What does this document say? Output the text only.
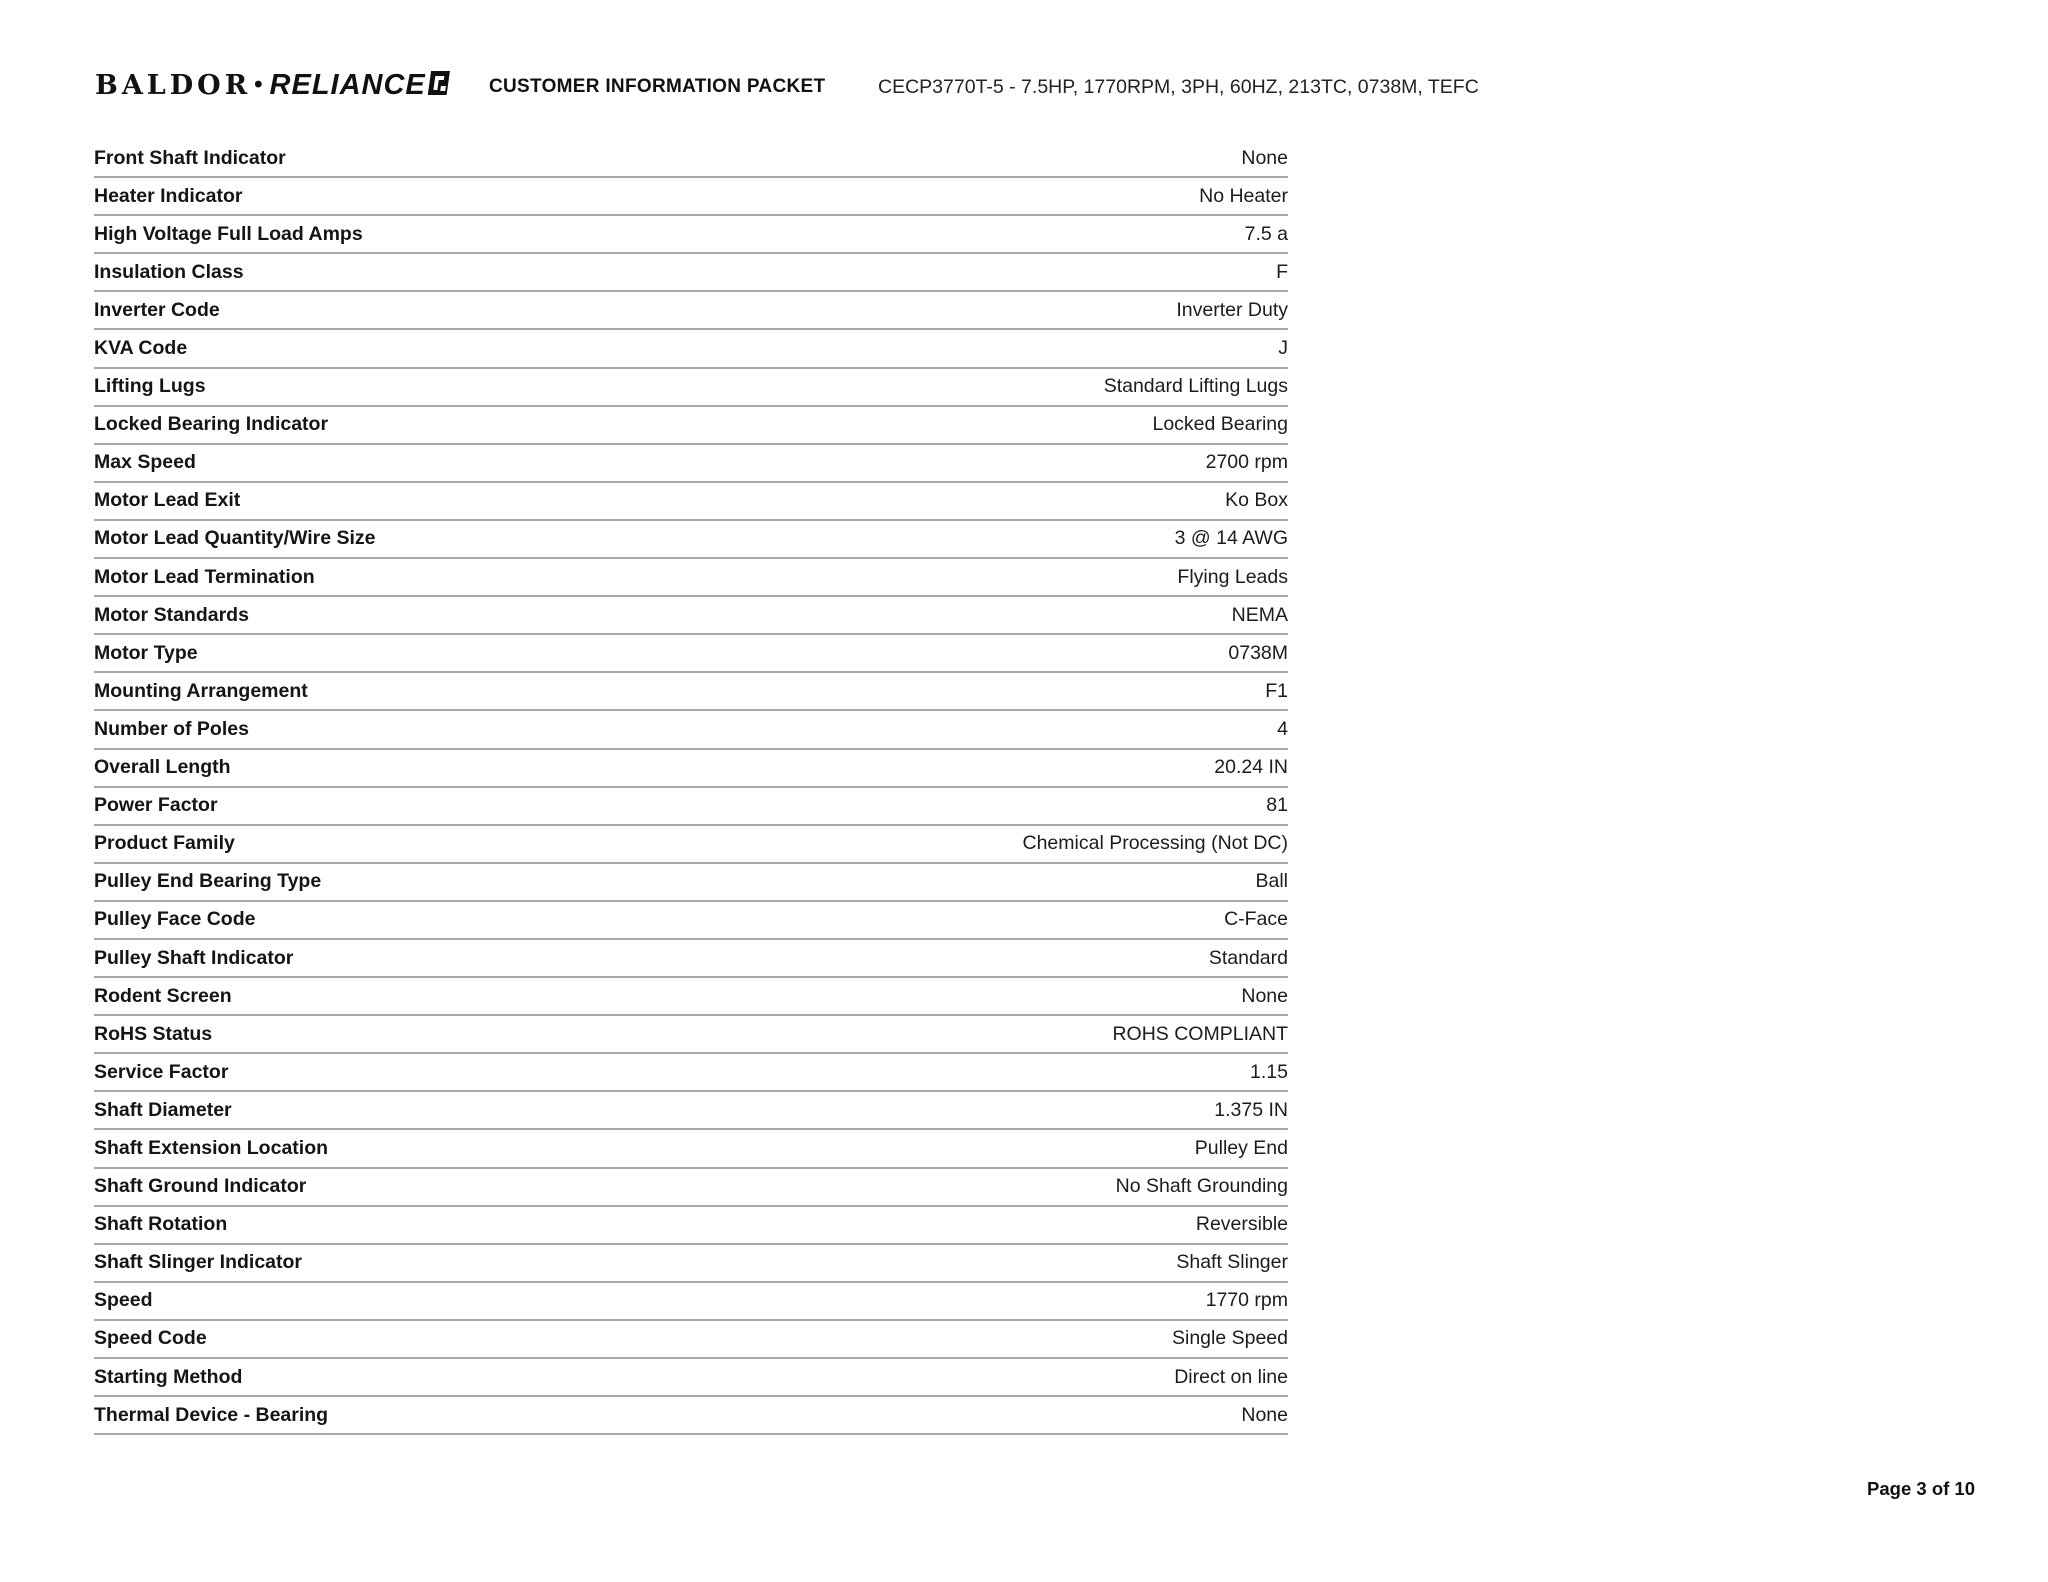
BALDOR • RELIANCE	CUSTOMER INFORMATION PACKET	CECP3770T-5 - 7.5HP, 1770RPM, 3PH, 60HZ, 213TC, 0738M, TEFC
Front Shaft Indicator	None
Heater Indicator	No Heater
High Voltage Full Load Amps	7.5 a
Insulation Class	F
Inverter Code	Inverter Duty
KVA Code	J
Lifting Lugs	Standard Lifting Lugs
Locked Bearing Indicator	Locked Bearing
Max Speed	2700 rpm
Motor Lead Exit	Ko Box
Motor Lead Quantity/Wire Size	3 @ 14 AWG
Motor Lead Termination	Flying Leads
Motor Standards	NEMA
Motor Type	0738M
Mounting Arrangement	F1
Number of Poles	4
Overall Length	20.24 IN
Power Factor	81
Product Family	Chemical Processing (Not DC)
Pulley End Bearing Type	Ball
Pulley Face Code	C-Face
Pulley Shaft Indicator	Standard
Rodent Screen	None
RoHS Status	ROHS COMPLIANT
Service Factor	1.15
Shaft Diameter	1.375 IN
Shaft Extension Location	Pulley End
Shaft Ground Indicator	No Shaft Grounding
Shaft Rotation	Reversible
Shaft Slinger Indicator	Shaft Slinger
Speed	1770 rpm
Speed Code	Single Speed
Starting Method	Direct on line
Thermal Device - Bearing	None
Page 3 of 10
